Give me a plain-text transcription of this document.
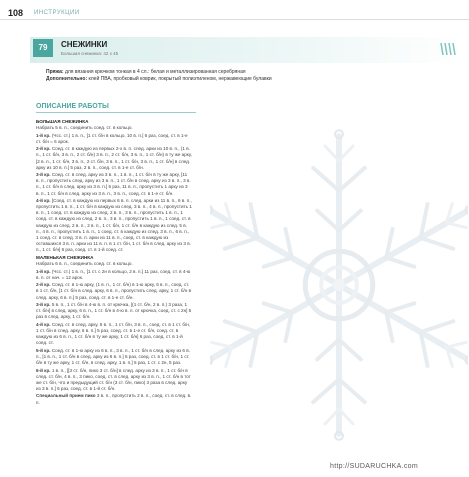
108 ИНСТРУКЦИИ
79	СНЕЖИНКИ
Большая снежинка: 42 х 45
Пряжа: для вязания крючком тонкая в 4 сл.: белая и металлизированная серебряная
Дополнительно: клей ПВА, пробковый коврик, покрытый полиэтиленом, нержавеющие булавки
ОПИСАНИЕ РАБОТЫ
БОЛЬШАЯ СНЕЖИНКА

Набрать 5 в. п., соединить соед. ст. в кольцо.

1-й кр. (Чсс. ст.) 1 в. п., [1 ст. б/н в кольцо, 10 в. п.] 6 раз, соед. ст. в 1-е ст. б/н = 6 арок.

2-й кр. Соед. ст. в каждую из первых 2-х в. п. след. арки из 10 в. п., (1 в. п., 1 ст. б/н, 3 в. п., 2 ст. б/н) 3 в. п., 2 ст. б/н, 3 в. п., 1 ст. б/н) в ту же арку, [2 в. п., 1 ст. б/н, 3 в. п., 2 ст. б/н, 3 в. п., 1 ст. б/н, 3 в. п., 1 ст. б/н] в след. арку из 10 в. п.] 5 раз, 2 в. п., соед. ст. в 1-е ст. б/н.

3-й кр. Соед. ст. в след. арку из 3 в. п., 1 в. п., 1 ст. б/н в ту же арку, [11 в. п., пропустить след. арку из 3 в. п., 1 ст. б/н в след. арку из 3 в. п., 3 в. п., 1 ст. б/н в след. арку из 3 в. п.] 5 раз, 11 в. п., пропустить 1 арку из 3 в. п., 1 ст. б/н в след. арку из 3 в. п., 3 в. п., соед. ст. в 1-е ст. б/н.

4-й кр. [Соед. ст. в каждую из первых 6 в. п. след. арки из 11 в. п., 6 в. п., пропустить 1 в. п., 1 ст. б/н в каждую из след. 3 в. п., 4 в. п., пропустить 1 в. п., 1 соед. ст. в каждую из след. 2 в. п., 3 в. п., пропустить 1 в. п., 1 соед. ст. в каждую из след. 2 в. п., 3 в. п., пропустить 1 в. п., 1 соед. ст. в каждую из след. 2 в. п., 2 в. п., 1 ст. б/н, 1 ст. б/н в каждую из след. 5 в. п., 4 в. п., пропустить 1 в. п., 1 соед. ст. в каждую из след. 3 в. п., 6 в. п., 1 соед. ст. в след. 3 в. п. арки из 11 в. п., соед. ст. в каждую из оставшихся 3 в. п. арки из 11 в. п. в 1 ст. б/н, 1 ст. б/н в след. арку из 3 в. п., 1 ст. б/н] 6 раз, соед. ст. в 1-й соед. ст.

МАЛЕНЬКАЯ СНЕЖИНКА

Набрать 6 в. п., соединить соед. ст. в кольцо.

1-й кр. (Чсс. ст.) 1 в. п., [1 ст. с 2н в кольцо, 2 в. п.] 11 раз, соед. ст. в 4-ю в. п. от нач. = 12 арок.

2-й кр. Соед. ст. в 1-ю арку, (1 в. п., 1 ст. б/н) в 1-ю арку, 6 в. п., соед. ст. в 1 ст. б/н, [1 ст. б/н в след. арку, 6 в. п., пропустить след. арку, 1 ст. б/н в след. арку, 6 в. п.] 5 раз, соед. ст. в 1-е ст. б/н.

3-й кр. 5 в. п., 1 ст. б/н в 4-ю в. п. от крючка, [(1 ст. б/н, 2 в. п.) 3 раза, 1 ст. б/н] в след. арку, 6 в. п., 1 ст. б/н в 4-ю в. п. от крючка, соед. ст. с 2н] 5 раз в след. арку, 1 ст. б/н.

4-й кр. Соед. ст. в след. арку, 6 в. п., 1 ст. б/н, 3 в. п., соед. ст. в 1 ст. б/н, 1 ст. б/н в след. арку, 6 в. п.] 5 раз, соед. ст. в 1-е ст. б/н, соед. ст. в каждую из 6 в. п., 1 ст. б/н в ту же арку, 1 ст. б/н] 6 раз, соед. ст. в 1-й соед. ст.

5-й кр. Соед. ст. в 1-ю арку из 6 в. п., 3 в. п., 1 ст. б/н в след. арку из 6 в. п., [1 в. п., 1 ст. б/н в след. арку из 6 в. п.] 5 раз, соед. ст. в 1 ст. б/н, 1 ст. б/н в ту же арку, 1 ст. б/н, в след. арку, 1 в. п.] 5 раз, 1 ст. с 2н, 5 раз.

6-й кр. 1 в. п., [[3 ст. б/н, пико 3 ст. б/н] в след. арку из 3 в. п., 1 ст. б/н в след. ст. б/н, 4 в. п., 3 пико, соед. ст. в след. арку из 3 в. п., 1 ст. б/н в тот же ст. б/н, что и предыдущий ст. б/н (3 ст. б/н, пико) 3 раза в след. арку из 3 в. п.] 6 раз, соед. ст. в 1-й ст. б/н.

Специальный прием пико 3 в. п., пропустить 2 в. п., соед. ст. в след. в. п.

http://SUDARUCHKA.com
